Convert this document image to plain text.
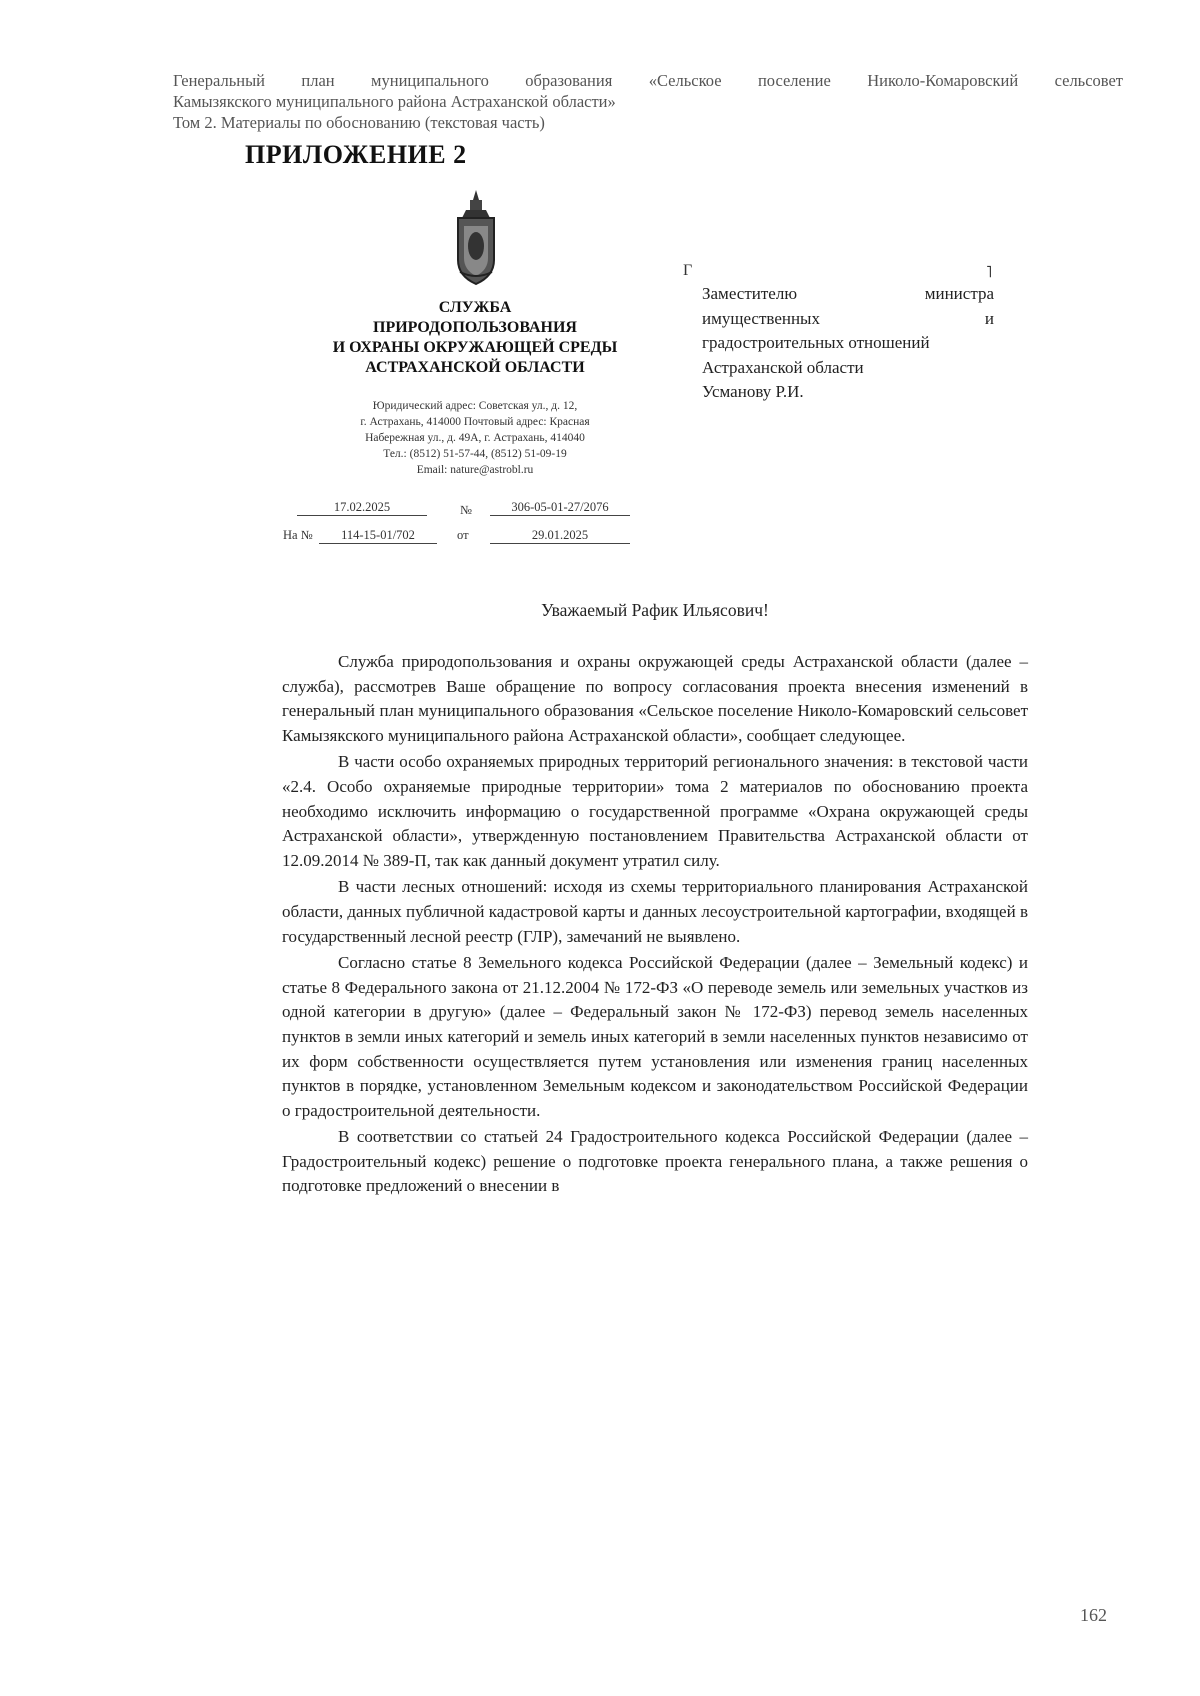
Генеральный план муниципального образования «Сельское поселение Николо-Комаровский сельсовет
Камызякского муниципального района Астраханской области»
Том 2. Материалы по обоснованию (текстовая часть)
ПРИЛОЖЕНИЕ 2
СЛУЖБА
ПРИРОДОПОЛЬЗОВАНИЯ
И ОХРАНЫ ОКРУЖАЮЩЕЙ СРЕДЫ
АСТРАХАНСКОЙ ОБЛАСТИ
Юридический адрес: Советская ул., д. 12,
г. Астрахань, 414000 Почтовый адрес: Красная
Набережная ул., д. 49А, г. Астрахань, 414040
Тел.: (8512) 51-57-44, (8512) 51-09-19
Email: nature@astrobl.ru
17.02.2025	№	306-05-01-27/2076
На №	114-15-01/702	от	29.01.2025
Г	˥
Заместителю	министра
имущественных	и
градостроительных отношений
Астраханской области
Усманову Р.И.
Уважаемый Рафик Ильясович!

Служба природопользования и охраны окружающей среды Астраханской области (далее – служба), рассмотрев Ваше обращение по вопросу согласования проекта внесения изменений в генеральный план муниципального образования «Сельское поселение Николо-Комаровский сельсовет Камызякского муниципального района Астраханской области», сообщает следующее.

В части особо охраняемых природных территорий регионального значения: в текстовой части «2.4. Особо охраняемые природные территории» тома 2 материалов по обоснованию проекта необходимо исключить информацию о государственной программе «Охрана окружающей среды Астраханской области», утвержденную постановлением Правительства Астраханской области от 12.09.2014 № 389-П, так как данный документ утратил силу.

В части лесных отношений: исходя из схемы территориального планирования Астраханской области, данных публичной кадастровой карты и данных лесоустроительной картографии, входящей в государственный лесной реестр (ГЛР), замечаний не выявлено.

Согласно статье 8 Земельного кодекса Российской Федерации (далее – Земельный кодекс) и статье 8 Федерального закона от 21.12.2004 № 172-ФЗ «О переводе земель или земельных участков из одной категории в другую» (далее – Федеральный закон № 172-ФЗ) перевод земель населенных пунктов в земли иных категорий и земель иных категорий в земли населенных пунктов независимо от их форм собственности осуществляется путем установления или изменения границ населенных пунктов в порядке, установленном Земельным кодексом и законодательством Российской Федерации о градостроительной деятельности.

В соответствии со статьей 24 Градостроительного кодекса Российской Федерации (далее – Градостроительный кодекс) решение о подготовке проекта генерального плана, а также решения о подготовке предложений о внесении в

162
